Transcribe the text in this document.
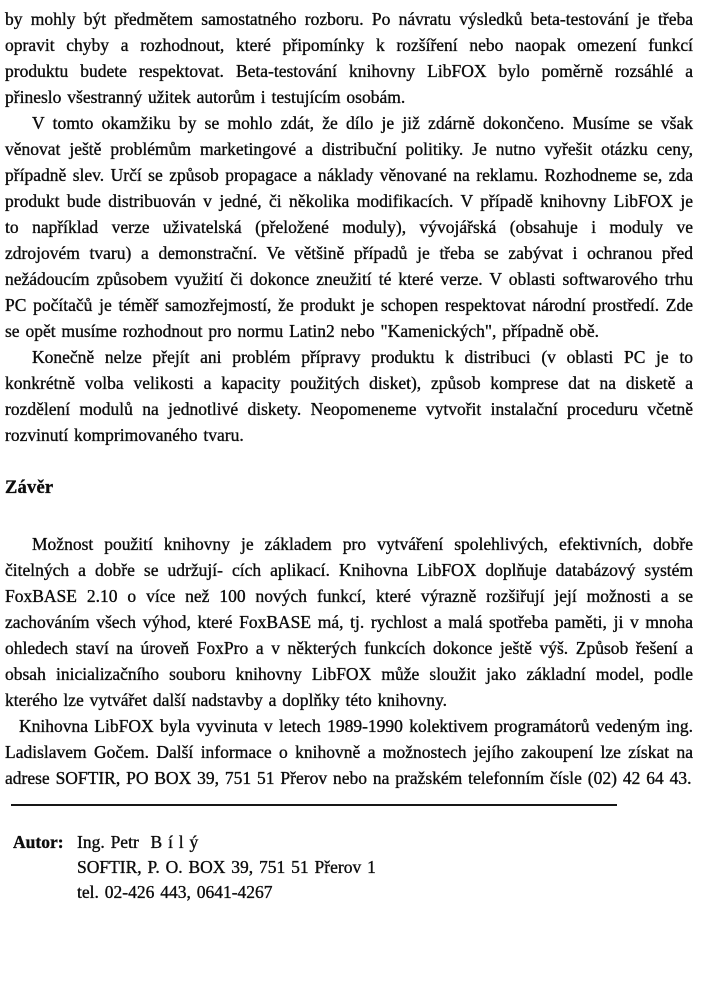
by mohly být předmětem samostatného rozboru. Po návratu výsledků beta-testování je třeba opravit chyby a rozhodnout, které připomínky k rozšíření nebo naopak omezení funkcí produktu budete respektovat. Beta-testování knihovny LibFOX bylo poměrně rozsáhlé a přineslo všestranný užitek autorům i testujícím osobám.

V tomto okamžiku by se mohlo zdát, že dílo je již zdárně dokončeno. Musíme se však věnovat ještě problémům marketingové a distribuční politiky. Je nutno vyřešit otázku ceny, případně slev. Určí se způsob propagace a náklady věnované na reklamu. Rozhodneme se, zda produkt bude distribuován v jedné, či několika modifikacích. V případě knihovny LibFOX je to například verze uživatelská (přeložené moduly), vývojářská (obsahuje i moduly ve zdrojovém tvaru) a demonstrační. Ve většině případů je třeba se zabývat i ochranou před nežádoucím způsobem využití či dokonce zneužití té které verze. V oblasti softwarového trhu PC počítačů je téměř samozřejmostí, že produkt je schopen respektovat národní prostředí. Zde se opět musíme rozhodnout pro normu Latin2 nebo "Kamenických", případně obě.

Konečně nelze přejít ani problém přípravy produktu k distribuci (v oblasti PC je to konkrétně volba velikosti a kapacity použitých disket), způsob komprese dat na disketě a rozdělení modulů na jednotlivé diskety. Neopomeneme vytvořit instalační proceduru včetně rozvinutí komprimovaného tvaru.

Závěr

Možnost použití knihovny je základem pro vytváření spolehlivých, efektivních, dobře čitelných a dobře se udržují- cích aplikací. Knihovna LibFOX doplňuje databázový systém FoxBASE 2.10 o více než 100 nových funkcí, které výrazně rozšiřují její možnosti a se zachováním všech výhod, které FoxBASE má, tj. rychlost a malá spotřeba paměti, ji v mnoha ohledech staví na úroveň FoxPro a v některých funkcích dokonce ještě výš. Způsob řešení a obsah inicializačního souboru knihovny LibFOX může sloužit jako základní model, podle kterého lze vytvářet další nadstavby a doplňky této knihovny.

Knihovna LibFOX byla vyvinuta v letech 1989-1990 kolektivem programátorů vedeným ing. Ladislavem Gočem. Další informace o knihovně a možnostech jejího zakoupení lze získat na adrese SOFTIR, PO BOX 39, 751 51 Přerov nebo na pražském telefonním čísle (02) 42 64 43.

Autor: Ing. Petr  B í l ý
SOFTIR, P. O. BOX 39, 751 51 Přerov 1
tel. 02-426 443, 0641-4267
